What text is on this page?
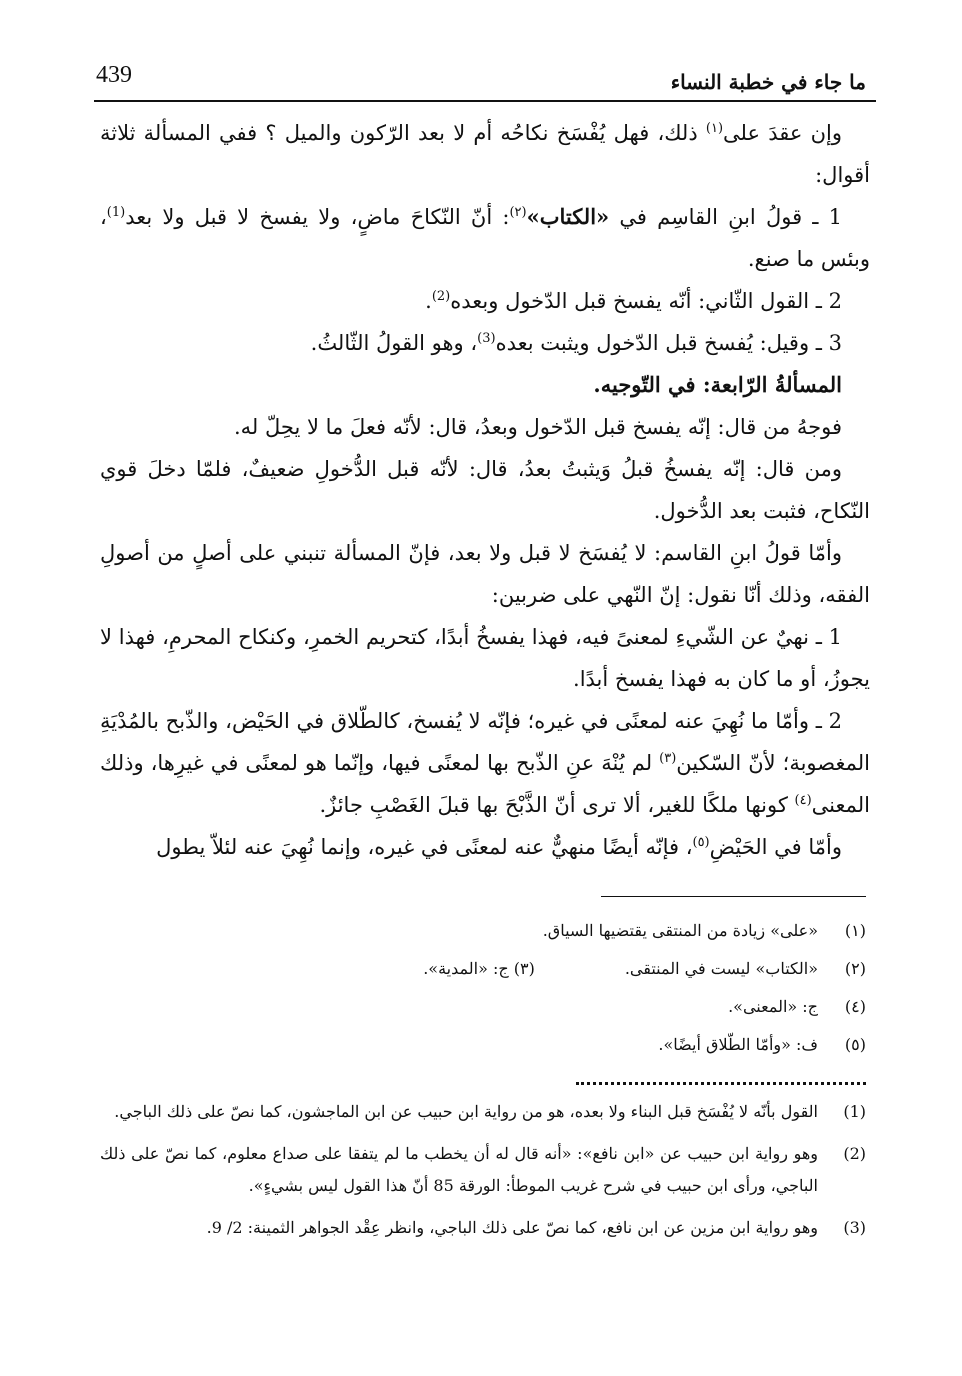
439	ما جاء في خطبة النساء

وإن عقدَ على$^{(١)}$ ذلك، فهل يُفْسَخ نكاحُه أم لا بعد الرّكون والميل ؟ ففي المسألة ثلاثة أقوال:

1 ـ قولُ ابنِ القاسِم في «الكتاب»$^{(٢)}$: أنّ النّكاحَ ماضٍ، ولا يفسخ لا قبل ولا بعد$^{(1)}$، وبئس ما صنع.

2 ـ القول الثّاني: أنّه يفسخ قبل الدّخول وبعده$^{(2)}$.

3 ـ وقيل: يُفسخ قبل الدّخول ويثبت بعده$^{(3)}$، وهو القولُ الثّالثُ.

المسألةُ الرّابعة: في التّوجيه.

فوجهُ من قال: إنّه يفسخ قبل الدّخول وبعدُ، قال: لأنّه فعلَ ما لا يحِلّ له.

ومن قال: إنّه يفسخُ قبلُ وَيثبتُ بعدُ، قال: لأنّه قبل الدُّخولِ ضعيفٌ، فلمّا دخلَ قوي النّكاح، فثبت بعد الدُّخول.

وأمّا قولُ ابنِ القاسم: لا يُفسَخ لا قبل ولا بعد، فإنّ المسألة تنبني على أصلٍ من أصولِ الفقه، وذلك أنّا نقول: إنّ النّهي على ضربين:

1 ـ نهيٌ عن الشّيءِ لمعنىً فيه، فهذا يفسخُ أبدًا، كتحريم الخمرِ، وكنكاح المحرمِ، فهذا لا يجوزُ، أو ما كان به فهذا يفسخ أبدًا.

2 ـ وأمّا ما نُهِيَ عنه لمعنًى في غيره؛ فإنّه لا يُفسخ، كالطّلاق في الحَيْض، والذّبح بالمُدْيَةِ المغصوبة؛ لأنّ السّكين$^{(٣)}$ لم يُنْهَ عنِ الذّبح بها لمعنًى فيها، وإنّما هو لمعنًى في غيرِها، وذلك المعنى$^{(٤)}$ كونها ملكًا للغير، ألا ترى أنّ الذَّبْحَ بها قبلَ الغَصْبِ جائزٌ.

وأمّا في الحَيْضِ$^{(٥)}$، فإنّه أيضًا منهيٌّ عنه لمعنًى في غيره، وإنما نُهِيَ عنه لئلاّ يطول

(١)
«على» زيادة من المنتقى يقتضيها السياق.
(٢)
«الكتاب» ليست في المنتقى.
(٣) ج: «المدية».
(٤)
ج: «المعنى».
(٥)
ف: «وأمّا الطّلاق أيضًا».
(1)
القول بأنّه لا يُفْسَخ قبل البناء ولا بعده، هو من رواية ابن حبيب عن ابن الماجشون، كما نصّ على ذلك الباجي.
(2)
وهو رواية ابن حبيب عن «ابن نافع»: «أنه قال له أن يخطب ما لم يتفقا على صداع معلوم، كما نصّ على ذلك الباجي، ورأى ابن حبيب في شرح غريب الموطأ: الورقة 85 أنّ هذا القول ليس بشيءٍ».
(3)
وهو رواية ابن مزين عن ابن نافع، كما نصّ على ذلك الباجي، وانظر عِقْد الجواهر الثمينة: 2/ 9.
